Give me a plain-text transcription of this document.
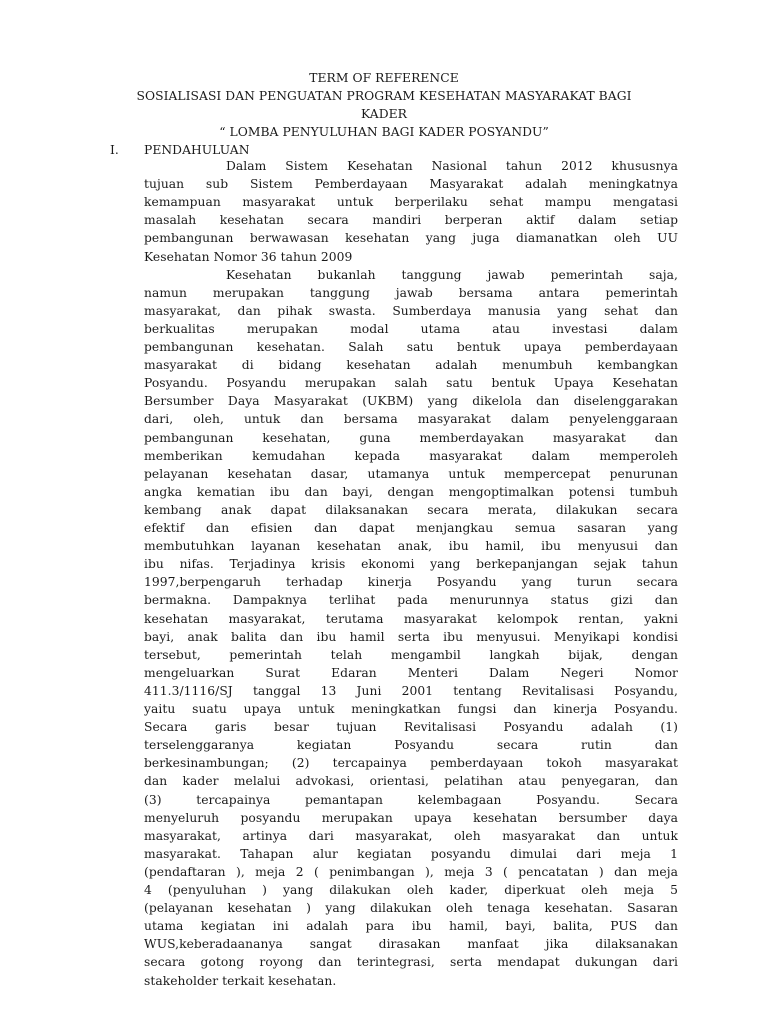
TERM OF REFERENCE
SOSIALISASI DAN PENGUATAN PROGRAM KESEHATAN MASYARAKAT BAGI
KADER
“ LOMBA PENYULUHAN BAGI KADER POSYANDU”
I. PENDAHULUAN
Dalam Sistem Kesehatan Nasional tahun 2012 khususnya
tujuan sub Sistem Pemberdayaan Masyarakat adalah meningkatnya
kemampuan masyarakat untuk berperilaku sehat mampu mengatasi
masalah kesehatan secara mandiri berperan aktif dalam setiap
pembangunan berwawasan kesehatan yang juga diamanatkan oleh UU
Kesehatan Nomor 36 tahun 2009
Kesehatan bukanlah tanggung jawab pemerintah saja,
namun merupakan tanggung jawab bersama antara pemerintah
masyarakat, dan pihak swasta. Sumberdaya manusia yang sehat dan
berkualitas merupakan modal utama atau investasi dalam
pembangunan kesehatan. Salah satu bentuk upaya pemberdayaan
masyarakat di bidang kesehatan adalah menumbuh kembangkan
Posyandu. Posyandu merupakan salah satu bentuk Upaya Kesehatan
Bersumber Daya Masyarakat (UKBM) yang dikelola dan diselenggarakan
dari, oleh, untuk dan bersama masyarakat dalam penyelenggaraan
pembangunan kesehatan, guna memberdayakan masyarakat dan
memberikan kemudahan kepada masyarakat dalam memperoleh
pelayanan kesehatan dasar, utamanya untuk mempercepat penurunan
angka kematian ibu dan bayi, dengan mengoptimalkan potensi tumbuh
kembang anak dapat dilaksanakan secara merata, dilakukan secara
efektif dan efisien dan dapat menjangkau semua sasaran yang
membutuhkan layanan kesehatan anak, ibu hamil, ibu menyusui dan
ibu nifas. Terjadinya krisis ekonomi yang berkepanjangan sejak tahun
1997,berpengaruh terhadap kinerja Posyandu yang turun secara
bermakna. Dampaknya terlihat pada menurunnya status gizi dan
kesehatan masyarakat, terutama masyarakat kelompok rentan, yakni
bayi, anak balita dan ibu hamil serta ibu menyusui. Menyikapi kondisi
tersebut, pemerintah telah mengambil langkah bijak, dengan
mengeluarkan Surat Edaran Menteri Dalam Negeri Nomor
411.3/1116/SJ tanggal 13 Juni 2001 tentang Revitalisasi Posyandu,
yaitu suatu upaya untuk meningkatkan fungsi dan kinerja Posyandu.
Secara garis besar tujuan Revitalisasi Posyandu adalah (1)
terselenggaranya kegiatan Posyandu secara rutin dan
berkesinambungan; (2) tercapainya pemberdayaan tokoh masyarakat
dan kader melalui advokasi, orientasi, pelatihan atau penyegaran, dan
(3) tercapainya pemantapan kelembagaan Posyandu. Secara
menyeluruh posyandu merupakan upaya kesehatan bersumber daya
masyarakat, artinya dari masyarakat, oleh masyarakat dan untuk
masyarakat. Tahapan alur kegiatan posyandu dimulai dari meja 1
(pendaftaran ), meja 2 ( penimbangan ), meja 3 ( pencatatan ) dan meja
4 (penyuluhan ) yang dilakukan oleh kader, diperkuat oleh meja 5
(pelayanan kesehatan ) yang dilakukan oleh tenaga kesehatan. Sasaran
utama kegiatan ini adalah para ibu hamil, bayi, balita, PUS dan
WUS,keberadaananya sangat dirasakan manfaat jika dilaksanakan
secara gotong royong dan terintegrasi, serta mendapat dukungan dari
stakeholder terkait kesehatan.
